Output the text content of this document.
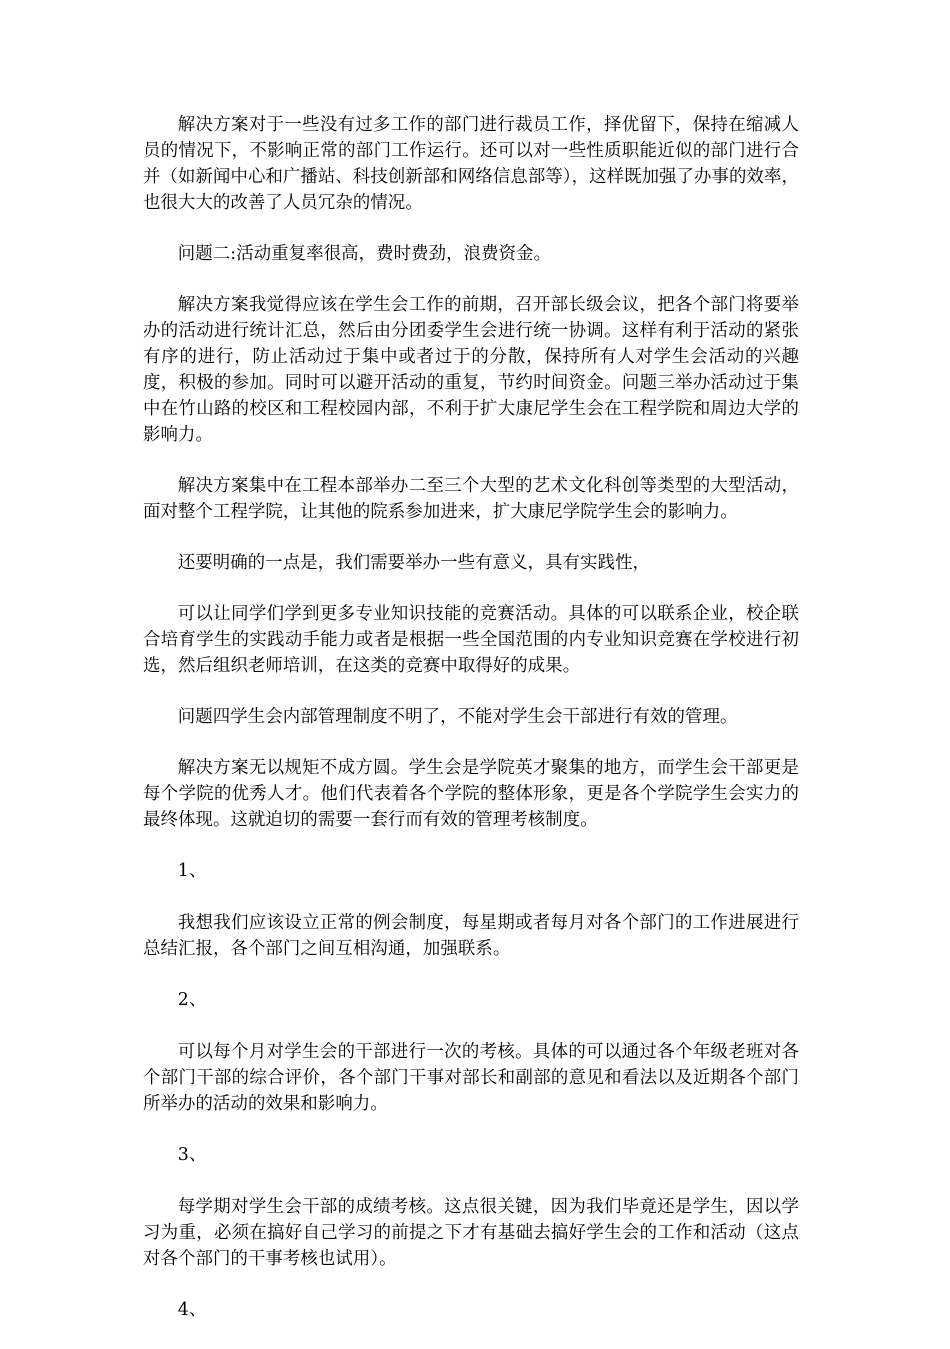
解决方案对于一些没有过多工作的部门进行裁员工作，择优留下，保持在缩减人员的情况下，不影响正常的部门工作运行。还可以对一些性质职能近似的部门进行合并（如新闻中心和广播站、科技创新部和网络信息部等），这样既加强了办事的效率，也很大大的改善了人员冗杂的情况。

问题二:活动重复率很高，费时费劲，浪费资金。

解决方案我觉得应该在学生会工作的前期，召开部长级会议，把各个部门将要举办的活动进行统计汇总，然后由分团委学生会进行统一协调。这样有利于活动的紧张有序的进行，防止活动过于集中或者过于的分散，保持所有人对学生会活动的兴趣度，积极的参加。同时可以避开活动的重复，节约时间资金。问题三举办活动过于集中在竹山路的校区和工程校园内部，不利于扩大康尼学生会在工程学院和周边大学的影响力。

解决方案集中在工程本部举办二至三个大型的艺术文化科创等类型的大型活动，面对整个工程学院，让其他的院系参加进来，扩大康尼学院学生会的影响力。

还要明确的一点是，我们需要举办一些有意义，具有实践性，

可以让同学们学到更多专业知识技能的竞赛活动。具体的可以联系企业，校企联合培育学生的实践动手能力或者是根据一些全国范围的内专业知识竞赛在学校进行初选，然后组织老师培训，在这类的竞赛中取得好的成果。

问题四学生会内部管理制度不明了，不能对学生会干部进行有效的管理。

解决方案无以规矩不成方圆。学生会是学院英才聚集的地方，而学生会干部更是每个学院的优秀人才。他们代表着各个学院的整体形象，更是各个学院学生会实力的最终体现。这就迫切的需要一套行而有效的管理考核制度。

1、

我想我们应该设立正常的例会制度，每星期或者每月对各个部门的工作进展进行总结汇报，各个部门之间互相沟通，加强联系。

2、

可以每个月对学生会的干部进行一次的考核。具体的可以通过各个年级老班对各个部门干部的综合评价，各个部门干事对部长和副部的意见和看法以及近期各个部门所举办的活动的效果和影响力。

3、

每学期对学生会干部的成绩考核。这点很关键，因为我们毕竟还是学生，因以学习为重，必须在搞好自己学习的前提之下才有基础去搞好学生会的工作和活动（这点对各个部门的干事考核也试用）。

4、
